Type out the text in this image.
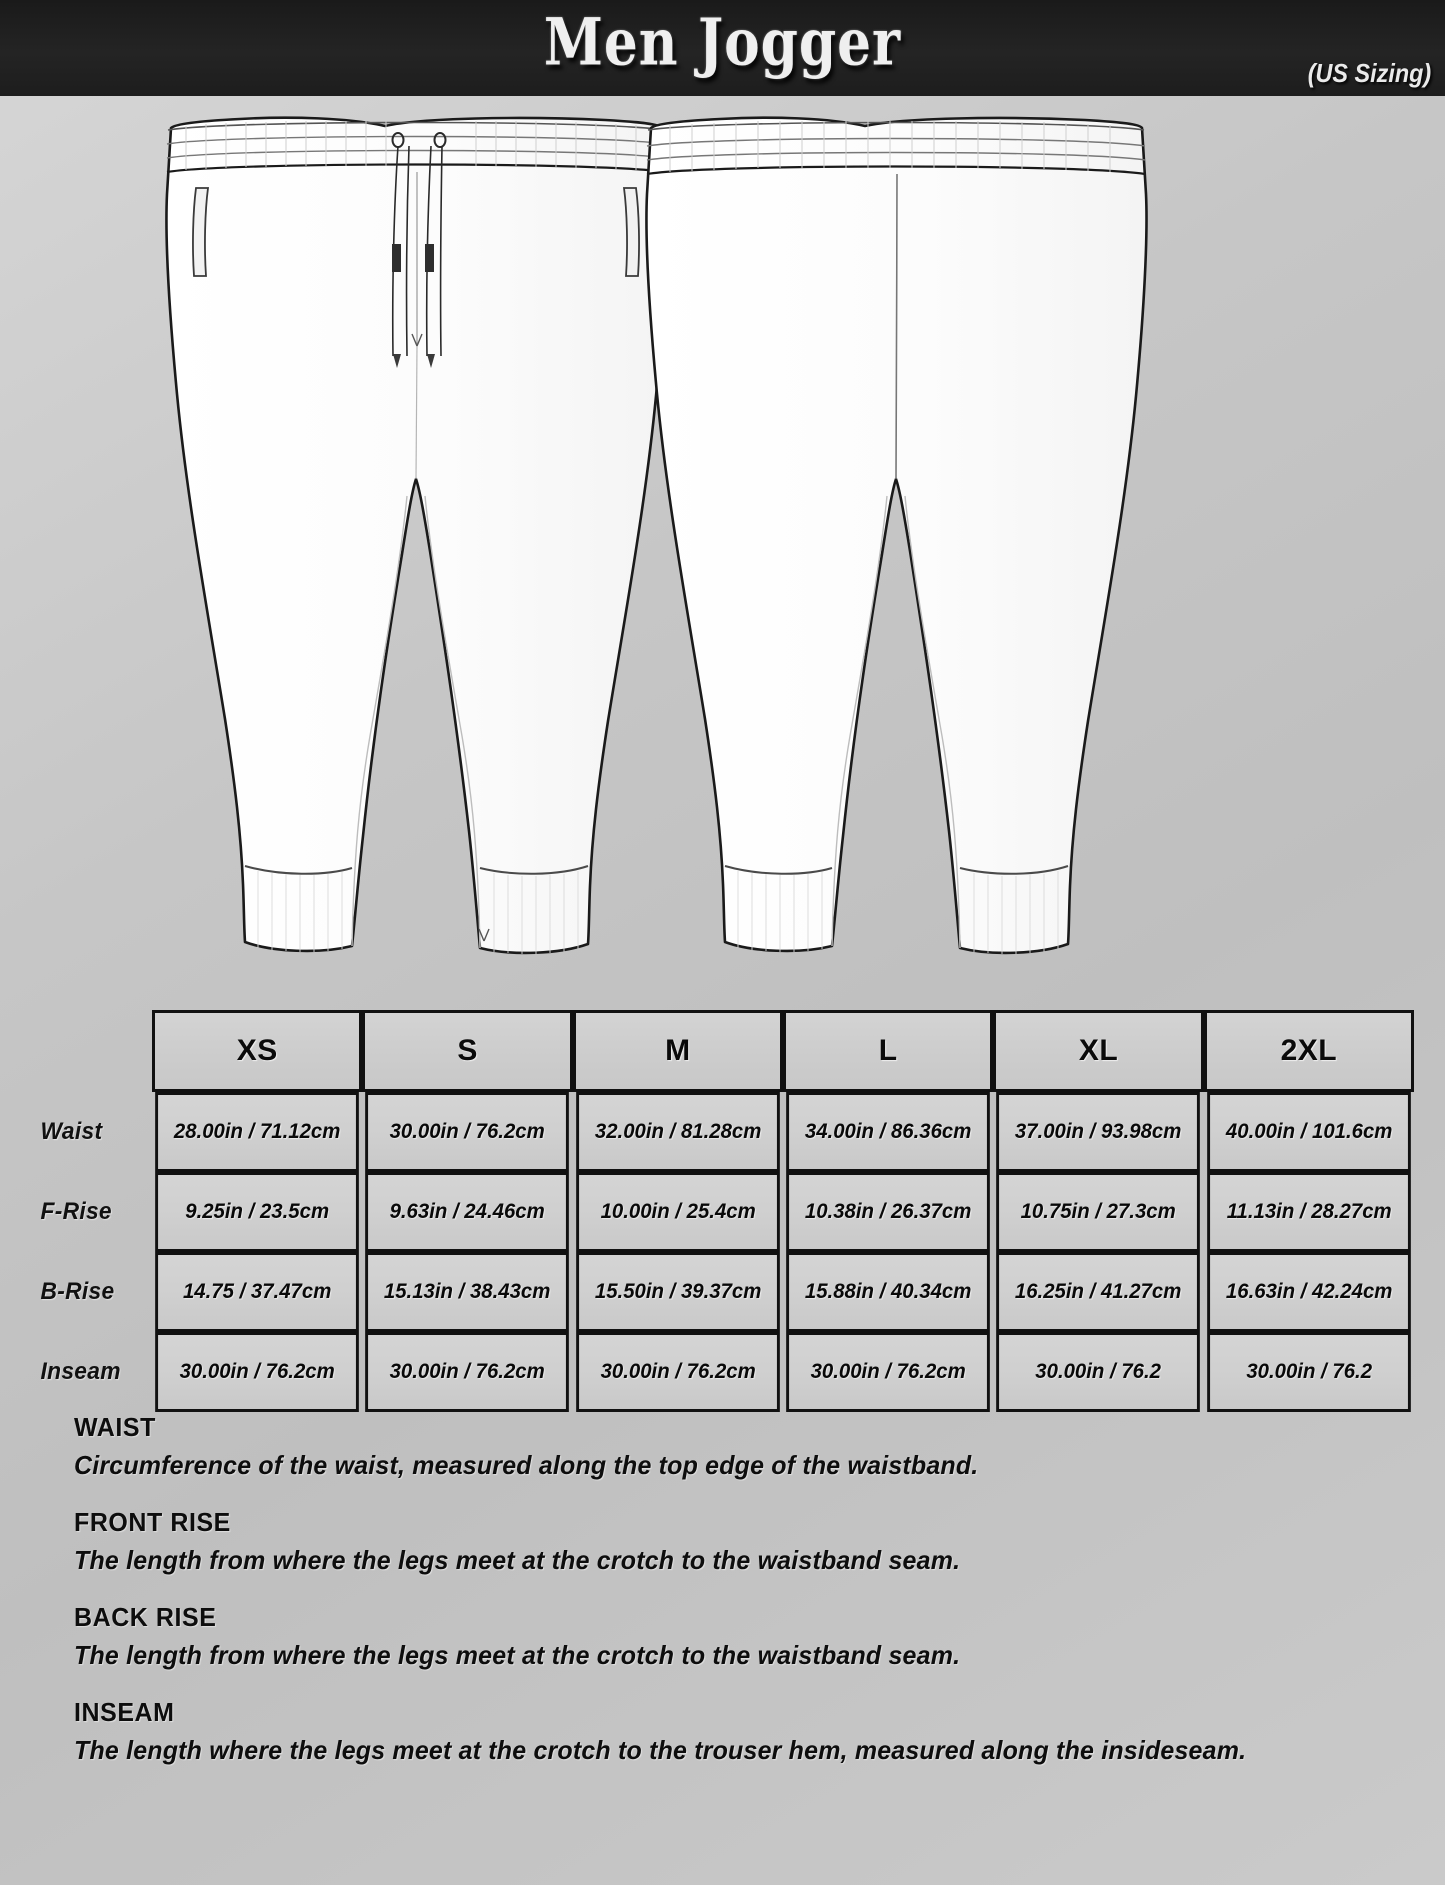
Men Jogger	(US Sizing)
	XS	S	M	L	XL	2XL
Waist	28.00in / 71.12cm	30.00in / 76.2cm	32.00in / 81.28cm	34.00in / 86.36cm	37.00in / 93.98cm	40.00in / 101.6cm
F-Rise	9.25in / 23.5cm	9.63in / 24.46cm	10.00in / 25.4cm	10.38in / 26.37cm	10.75in / 27.3cm	11.13in / 28.27cm
B-Rise	14.75 / 37.47cm	15.13in / 38.43cm	15.50in / 39.37cm	15.88in / 40.34cm	16.25in / 41.27cm	16.63in / 42.24cm
Inseam	30.00in / 76.2cm	30.00in / 76.2cm	30.00in / 76.2cm	30.00in / 76.2cm	30.00in / 76.2	30.00in / 76.2
WAIST
Circumference of the waist, measured along the top edge of the waistband.
FRONT RISE
The length from where the legs meet at the crotch to the waistband seam.
BACK RISE
The length from where the legs meet at the crotch to the waistband seam.
INSEAM
The length where the legs meet at the crotch to the trouser hem, measured along the insideseam.
